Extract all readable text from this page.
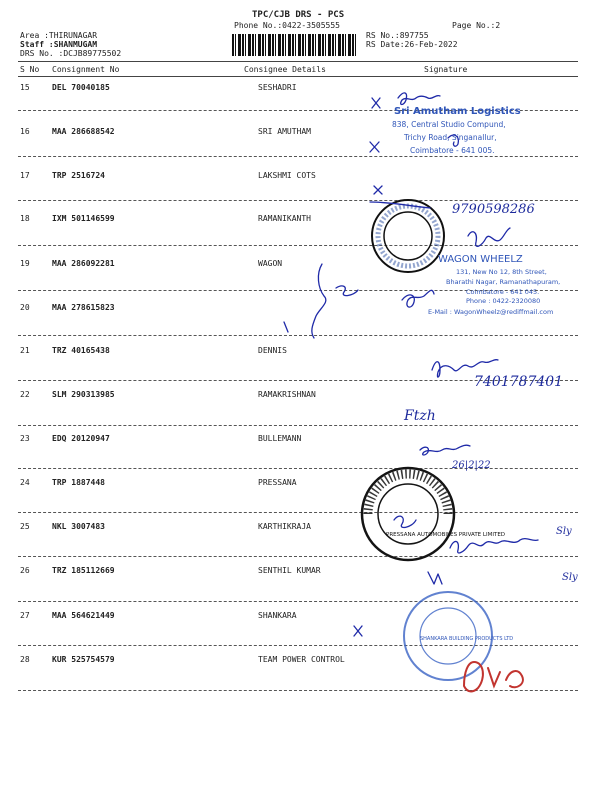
TPC/CJB DRS - PCS
Phone No.:0422-3505555	Page No.:2
Area :THIRUNAGAR
Staff :SHANMUGAM
DRS No. :DCJB89775502
RS No.:897755
RS Date:26-Feb-2022
S No Consignment No	Consignee Details	Signature
15	DEL 70040185	SESHADRI
16	MAA 286688542	SRI AMUTHAM
17	TRP 2516724	LAKSHMI COTS
18	IXM 501146599	RAMANIKANTH
19	MAA 286092281	WAGON
20	MAA 278615823
21	TRZ 40165438	DENNIS
22	SLM 290313985	RAMAKRISHNAN
23	EDQ 20120947	BULLEMANN
24	TRP 1887448	PRESSANA
25	NKL 3007483	KARTHIKRAJA
26	TRZ 185112669	SENTHIL KUMAR
27	MAA 564621449	SHANKARA
28	KUR 525754579	TEAM POWER CONTROL
Sri Amutham Logistics
838, Central Studio Compund,
Trichy Road, Singanallur,
Coimbatore - 641 005.
9790598286
WAGON WHEELZ
131, New No 12, 8th Street,
Bharathi Nagar, Ramanathapuram,
Coimbatore - 641 045.
Phone : 0422-2320080
E-Mail : WagonWheelz@rediffmail.com
7401787401
Ftzh
26|2|22
PRESSANA AUTOMOBILES PRIVATE LIMITED	Sly
Sly
SHANKARA BUILDING PRODUCTS LTD
